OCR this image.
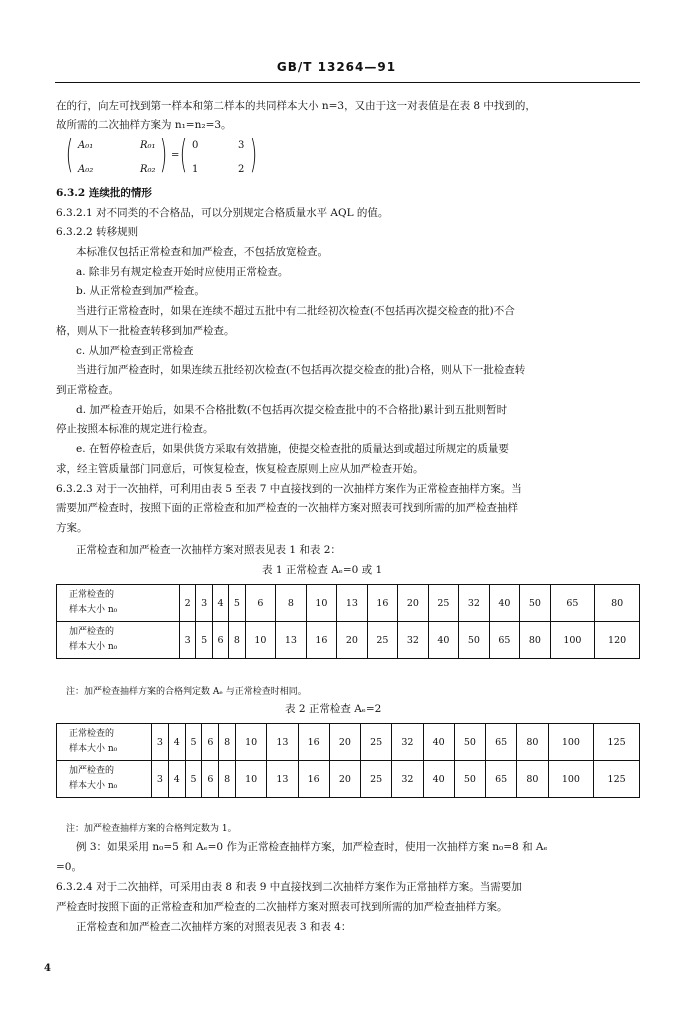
GB/T 13264—91
在的行，向左可找到第一样本和第二样本的共同样本大小 n=3，又由于这一对表值是在表 8 中找到的，
故所需的二次抽样方案为 n₁=n₂=3。
( A₀₁	R₀₁
A₀₂	R₀₂ ) = ( 0	3
1	2 )
6.3.2 连续批的情形
6.3.2.1 对不同类的不合格品，可以分别规定合格质量水平 AQL 的值。
6.3.2.2 转移规则
本标准仅包括正常检查和加严检查，不包括放宽检查。
a. 除非另有规定检查开始时应使用正常检查。
b. 从正常检查到加严检查。
当进行正常检查时，如果在连续不超过五批中有二批经初次检查(不包括再次提交检查的批)不合
格，则从下一批检查转移到加严检查。
c. 从加严检查到正常检查
当进行加严检查时，如果连续五批经初次检查(不包括再次提交检查的批)合格，则从下一批检查转
到正常检查。
d. 加严检查开始后，如果不合格批数(不包括再次提交检查批中的不合格批)累计到五批则暂时
停止按照本标准的规定进行检查。
e. 在暂停检查后，如果供货方采取有效措施，使提交检查批的质量达到或超过所规定的质量要
求，经主管质量部门同意后，可恢复检查，恢复检查原则上应从加严检查开始。
6.3.2.3 对于一次抽样，可利用由表 5 至表 7 中直接找到的一次抽样方案作为正常检查抽样方案。当
需要加严检查时，按照下面的正常检查和加严检查的一次抽样方案对照表可找到所需的加严检查抽样
方案。
正常检查和加严检查一次抽样方案对照表见表 1 和表 2：
表 1 正常检查 Aₑ=0 或 1
正常检查的
样本大小 n₀	2	3	4	5	6	8	10	13	16	20	25	32	40	50	65	80
加严检查的
样本大小 n₀	3	5	6	8	10	13	16	20	25	32	40	50	65	80	100	120
注：加严检查抽样方案的合格判定数 Aₑ 与正常检查时相同。
表 2 正常检查 Aₑ=2
正常检查的
样本大小 n₀	3	4	5	6	8	10	13	16	20	25	32	40	50	65	80	100	125
加严检查的
样本大小 n₀	3	4	5	6	8	10	13	16	20	25	32	40	50	65	80	100	125
注：加严检查抽样方案的合格判定数为 1。
例 3：如果采用 n₀=5 和 Aₑ=0 作为正常检查抽样方案，加严检查时，使用一次抽样方案 n₀=8 和 Aₑ
=0。
6.3.2.4 对于二次抽样，可采用由表 8 和表 9 中直接找到二次抽样方案作为正常抽样方案。当需要加
严检查时按照下面的正常检查和加严检查的二次抽样方案对照表可找到所需的加严检查抽样方案。
正常检查和加严检查二次抽样方案的对照表见表 3 和表 4：
4
